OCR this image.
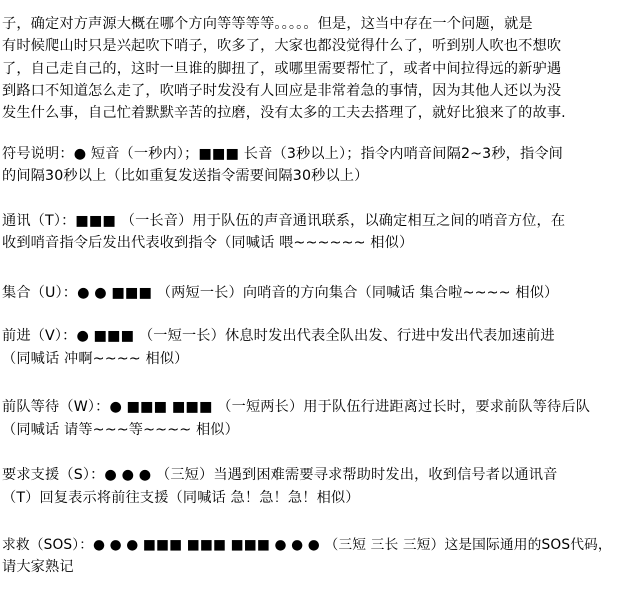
子，确定对方声源大概在哪个方向等等等等。。。。。但是，这当中存在一个问题，就是
有时候爬山时只是兴起吹下哨子，吹多了，大家也都没觉得什么了，听到别人吹也不想吹
了，自己走自己的，这时一旦谁的脚扭了，或哪里需要帮忙了，或者中间拉得远的新驴遇
到路口不知道怎么走了，吹哨子时发没有人回应是非常着急的事情，因为其他人还以为没
发生什么事，自己忙着默默辛苦的拉磨，没有太多的工夫去搭理了，就好比狼来了的故事.
符号说明：● 短音（一秒内）；■■■ 长音（3秒以上）；指令内哨音间隔2~3秒，指令间
的间隔30秒以上（比如重复发送指令需要间隔30秒以上）
通讯（T）：■■■ （一长音）用于队伍的声音通讯联系，以确定相互之间的哨音方位，在
收到哨音指令后发出代表收到指令（同喊话 喂~~~~~~ 相似）
集合（U）：● ● ■■■ （两短一长）向哨音的方向集合（同喊话 集合啦~~~~ 相似）
前进（V）：● ■■■ （一短一长）休息时发出代表全队出发、行进中发出代表加速前进
（同喊话 冲啊~~~~ 相似）
前队等待（W）：● ■■■ ■■■ （一短两长）用于队伍行进距离过长时，要求前队等待后队
（同喊话 请等~~~等~~~~ 相似）
要求支援（S）：● ● ● （三短）当遇到困难需要寻求帮助时发出，收到信号者以通讯音
（T）回复表示将前往支援（同喊话 急！急！急！相似）
求救（SOS）：● ● ● ■■■ ■■■ ■■■ ● ● ● （三短 三长 三短）这是国际通用的SOS代码，
请大家熟记
